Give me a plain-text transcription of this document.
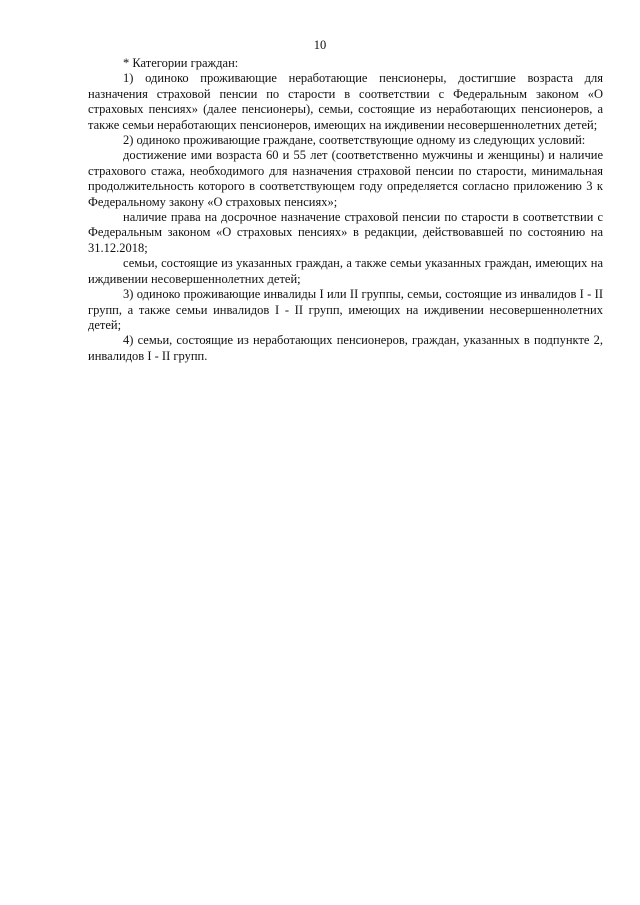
10

* Категории граждан:

1) одиноко проживающие неработающие пенсионеры, достигшие возраста для назначения страховой пенсии по старости в соответствии с Федеральным законом «О страховых пенсиях» (далее пенсионеры), семьи, состоящие из неработающих пенсионеров, а также семьи неработающих пенсионеров, имеющих на иждивении несовершеннолетних детей;

2) одиноко проживающие граждане, соответствующие одному из следующих условий:

достижение ими возраста 60 и 55 лет (соответственно мужчины и женщины) и наличие страхового стажа, необходимого для назначения страховой пенсии по старости, минимальная продолжительность которого в соответствующем году определяется согласно приложению 3 к Федеральному закону «О страховых пенсиях»;

наличие права на досрочное назначение страховой пенсии по старости в соответствии с Федеральным законом «О страховых пенсиях» в редакции, действовавшей по состоянию на 31.12.2018;

семьи, состоящие из указанных граждан, а также семьи указанных граждан, имеющих на иждивении несовершеннолетних детей;

3) одиноко проживающие инвалиды I или II группы, семьи, состоящие из инвалидов I - II групп, а также семьи инвалидов I - II групп, имеющих на иждивении несовершеннолетних детей;

4) семьи, состоящие из неработающих пенсионеров, граждан, указанных в подпункте 2, инвалидов I - II групп.
